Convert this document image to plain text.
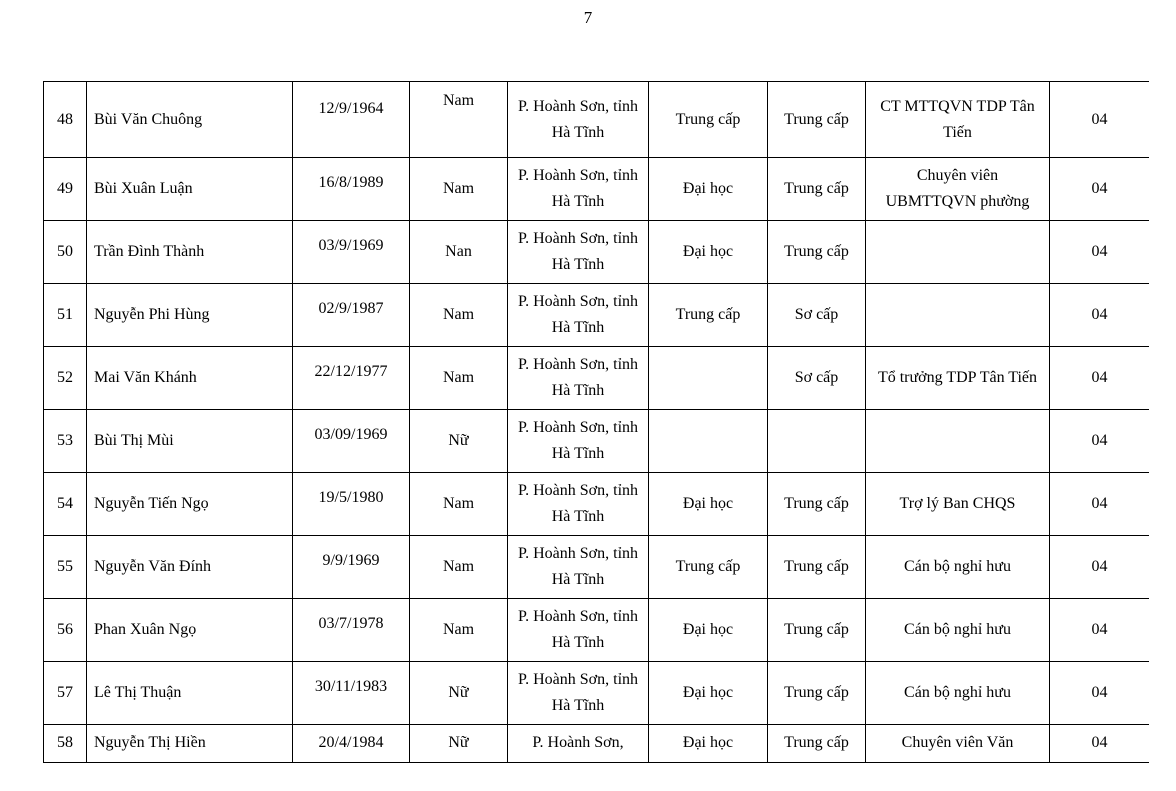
7
48	Bùi Văn Chuông	12/9/1964	Nam	P. Hoành Sơn, tỉnh Hà Tĩnh	Trung cấp	Trung cấp	CT MTTQVN TDP Tân Tiến	04
49	Bùi Xuân Luận	16/8/1989	Nam	P. Hoành Sơn, tỉnh Hà Tĩnh	Đại học	Trung cấp	Chuyên viên UBMTTQVN phường	04
50	Trần Đình Thành	03/9/1969	Nan	P. Hoành Sơn, tỉnh Hà Tĩnh	Đại học	Trung cấp		04
51	Nguyễn Phi Hùng	02/9/1987	Nam	P. Hoành Sơn, tỉnh Hà Tĩnh	Trung cấp	Sơ cấp		04
52	Mai Văn Khánh	22/12/1977	Nam	P. Hoành Sơn, tỉnh Hà Tĩnh		Sơ cấp	Tổ trưởng TDP Tân Tiến	04
53	Bùi Thị Mùi	03/09/1969	Nữ	P. Hoành Sơn, tỉnh Hà Tĩnh				04
54	Nguyễn Tiến Ngọ	19/5/1980	Nam	P. Hoành Sơn, tỉnh Hà Tĩnh	Đại học	Trung cấp	Trợ lý Ban CHQS	04
55	Nguyễn Văn Đính	9/9/1969	Nam	P. Hoành Sơn, tỉnh Hà Tĩnh	Trung cấp	Trung cấp	Cán bộ nghỉ hưu	04
56	Phan Xuân Ngọ	03/7/1978	Nam	P. Hoành Sơn, tỉnh Hà Tĩnh	Đại học	Trung cấp	Cán bộ nghỉ hưu	04
57	Lê Thị Thuận	30/11/1983	Nữ	P. Hoành Sơn, tỉnh Hà Tĩnh	Đại học	Trung cấp	Cán bộ nghỉ hưu	04
58	Nguyễn Thị Hiền	20/4/1984	Nữ	P. Hoành Sơn,	Đại học	Trung cấp	Chuyên viên Văn	04
